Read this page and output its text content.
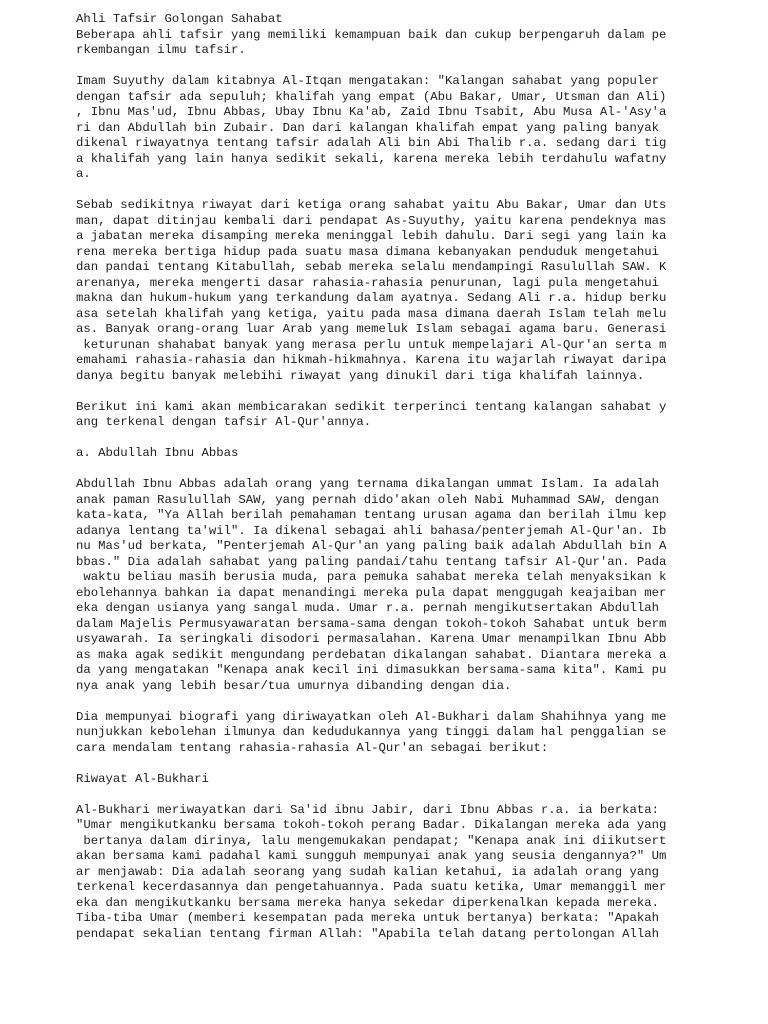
Ahli Tafsir Golongan Sahabat
Beberapa ahli tafsir yang memiliki kemampuan baik dan cukup berpengaruh dalam pe
rkembangan ilmu tafsir.
Imam Suyuthy dalam kitabnya Al-Itqan mengatakan: "Kalangan sahabat yang populer
dengan tafsir ada sepuluh; khalifah yang empat (Abu Bakar, Umar, Utsman dan Ali)
, Ibnu Mas'ud, Ibnu Abbas, Ubay Ibnu Ka'ab, Zaid Ibnu Tsabit, Abu Musa Al-'Asy'a
ri dan Abdullah bin Zubair. Dan dari kalangan khalifah empat yang paling banyak
dikenal riwayatnya tentang tafsir adalah Ali bin Abi Thalib r.a. sedang dari tig
a khalifah yang lain hanya sedikit sekali, karena mereka lebih terdahulu wafatny
a.
Sebab sedikitnya riwayat dari ketiga orang sahabat yaitu Abu Bakar, Umar dan Uts
man, dapat ditinjau kembali dari pendapat As-Suyuthy, yaitu karena pendeknya mas
a jabatan mereka disamping mereka meninggal lebih dahulu. Dari segi yang lain ka
rena mereka bertiga hidup pada suatu masa dimana kebanyakan penduduk mengetahui
dan pandai tentang Kitabullah, sebab mereka selalu mendampingi Rasulullah SAW. K
arenanya, mereka mengerti dasar rahasia-rahasia penurunan, lagi pula mengetahui
makna dan hukum-hukum yang terkandung dalam ayatnya. Sedang Ali r.a. hidup berku
asa setelah khalifah yang ketiga, yaitu pada masa dimana daerah Islam telah melu
as. Banyak orang-orang luar Arab yang memeluk Islam sebagai agama baru. Generasi
keturunan shahabat banyak yang merasa perlu untuk mempelajari Al-Qur'an serta m
emahami rahasia-rahasia dan hikmah-hikmahnya. Karena itu wajarlah riwayat daripa
danya begitu banyak melebihi riwayat yang dinukil dari tiga khalifah lainnya.
Berikut ini kami akan membicarakan sedikit terperinci tentang kalangan sahabat y
ang terkenal dengan tafsir Al-Qur'annya.
a. Abdullah Ibnu Abbas
Abdullah Ibnu Abbas adalah orang yang ternama dikalangan ummat Islam. Ia adalah
anak paman Rasulullah SAW, yang pernah dido'akan oleh Nabi Muhammad SAW, dengan
kata-kata, "Ya Allah berilah pemahaman tentang urusan agama dan berilah ilmu kep
adanya lentang ta'wil". Ia dikenal sebagai ahli bahasa/penterjemah Al-Qur'an. Ib
nu Mas'ud berkata, "Penterjemah Al-Qur'an yang paling baik adalah Abdullah bin A
bbas." Dia adalah sahabat yang paling pandai/tahu tentang tafsir Al-Qur'an. Pada
waktu beliau masih berusia muda, para pemuka sahabat mereka telah menyaksikan k
ebolehannya bahkan ia dapat menandingi mereka pula dapat menggugah keajaiban mer
eka dengan usianya yang sangal muda. Umar r.a. pernah mengikutsertakan Abdullah
dalam Majelis Permusyawaratan bersama-sama dengan tokoh-tokoh Sahabat untuk berm
usyawarah. Ia seringkali disodori permasalahan. Karena Umar menampilkan Ibnu Abb
as maka agak sedikit mengundang perdebatan dikalangan sahabat. Diantara mereka a
da yang mengatakan "Kenapa anak kecil ini dimasukkan bersama-sama kita". Kami pu
nya anak yang lebih besar/tua umurnya dibanding dengan dia.
Dia mempunyai biografi yang diriwayatkan oleh Al-Bukhari dalam Shahihnya yang me
nunjukkan kebolehan ilmunya dan kedudukannya yang tinggi dalam hal penggalian se
cara mendalam tentang rahasia-rahasia Al-Qur'an sebagai berikut:
Riwayat Al-Bukhari
Al-Bukhari meriwayatkan dari Sa'id ibnu Jabir, dari Ibnu Abbas r.a. ia berkata:
"Umar mengikutkanku bersama tokoh-tokoh perang Badar. Dikalangan mereka ada yang
bertanya dalam dirinya, lalu mengemukakan pendapat; "Kenapa anak ini diikutsert
akan bersama kami padahal kami sungguh mempunyai anak yang seusia dengannya?" Um
ar menjawab: Dia adalah seorang yang sudah kalian ketahui, ia adalah orang yang
terkenal kecerdasannya dan pengetahuannya. Pada suatu ketika, Umar memanggil mer
eka dan mengikutkanku bersama mereka hanya sekedar diperkenalkan kepada mereka.
Tiba-tiba Umar (memberi kesempatan pada mereka untuk bertanya) berkata: "Apakah
pendapat sekalian tentang firman Allah: "Apabila telah datang pertolongan Allah
